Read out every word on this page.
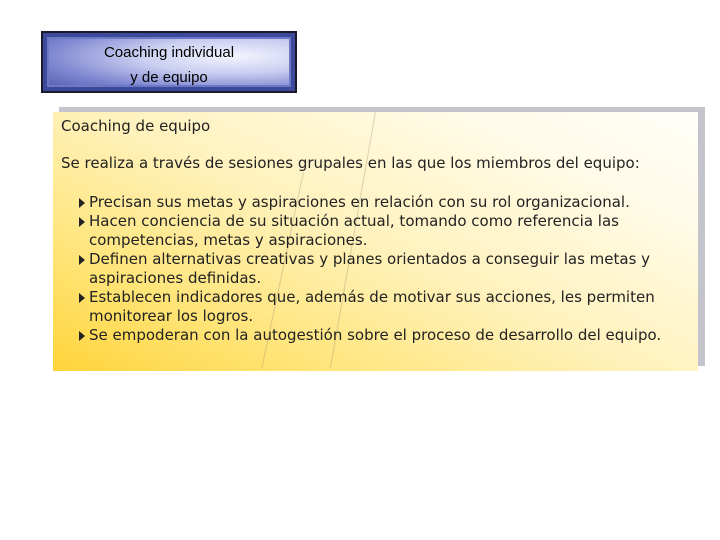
Coaching individual
y de equipo
Coaching de equipo
Se realiza a través de sesiones grupales en las que los miembros del equipo:
Precisan sus metas y aspiraciones en relación con su rol organizacional.
Hacen conciencia de su situación actual, tomando como referencia las competencias, metas y aspiraciones.
Definen alternativas creativas y planes orientados a conseguir las metas y aspiraciones definidas.
Establecen indicadores que, además de motivar sus acciones, les permiten monitorear los logros.
Se empoderan con la autogestión sobre el proceso de desarrollo del equipo.
